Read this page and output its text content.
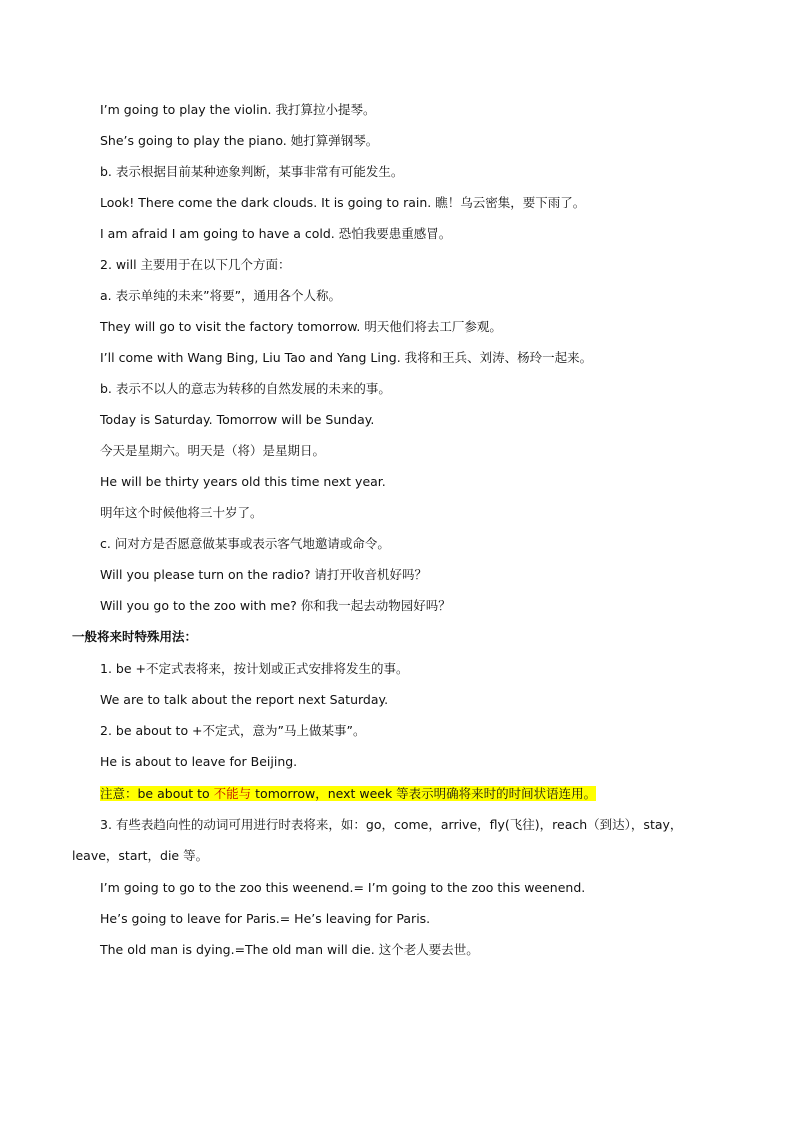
I’m going to play the violin. 我打算拉小提琴。
She’s going to play the piano. 她打算弹钢琴。
b. 表示根据目前某种迹象判断，某事非常有可能发生。
Look! There come the dark clouds. It is going to rain. 瞧！乌云密集，要下雨了。
I am afraid I am going to have a cold. 恐怕我要患重感冒。
2. will 主要用于在以下几个方面：
a. 表示单纯的未来”将要”，通用各个人称。
They will go to visit the factory tomorrow. 明天他们将去工厂参观。
I’ll come with Wang Bing, Liu Tao and Yang Ling. 我将和王兵、刘涛、杨玲一起来。
b. 表示不以人的意志为转移的自然发展的未来的事。
Today is Saturday. Tomorrow will be Sunday.
今天是星期六。明天是（将）是星期日。
He will be thirty years old this time next year.
明年这个时候他将三十岁了。
c. 问对方是否愿意做某事或表示客气地邀请或命令。
Will you please turn on the radio? 请打开收音机好吗？
Will you go to the zoo with me? 你和我一起去动物园好吗？
一般将来时特殊用法：
1. be +不定式表将来，按计划或正式安排将发生的事。
We are to talk about the report next Saturday.
2. be about to +不定式，意为”马上做某事”。
He is about to leave for Beijing.
注意：be about to 不能与 tomorrow，next week 等表示明确将来时的时间状语连用。
3. 有些表趋向性的动词可用进行时表将来，如：go，come，arrive，fly(飞往)，reach（到达），stay，leave，start，die 等。
I’m going to go to the zoo this weenend.= I’m going to the zoo this weenend.
He’s going to leave for Paris.= He’s leaving for Paris.
The old man is dying.=The old man will die. 这个老人要去世。
